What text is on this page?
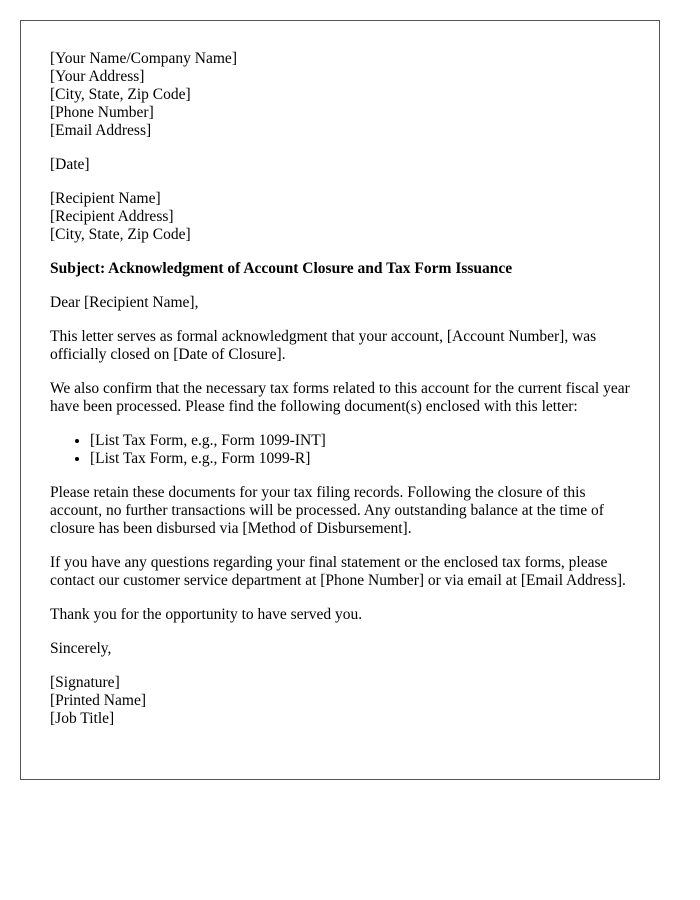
[Your Name/Company Name]
[Your Address]
[City, State, Zip Code]
[Phone Number]
[Email Address]
[Date]
[Recipient Name]
[Recipient Address]
[City, State, Zip Code]

Subject: Acknowledgment of Account Closure and Tax Form Issuance

Dear [Recipient Name],

This letter serves as formal acknowledgment that your account, [Account Number], was officially closed on [Date of Closure].

We also confirm that the necessary tax forms related to this account for the current fiscal year have been processed. Please find the following document(s) enclosed with this letter:

• [List Tax Form, e.g., Form 1099-INT]
• [List Tax Form, e.g., Form 1099-R]

Please retain these documents for your tax filing records. Following the closure of this account, no further transactions will be processed. Any outstanding balance at the time of closure has been disbursed via [Method of Disbursement].

If you have any questions regarding your final statement or the enclosed tax forms, please contact our customer service department at [Phone Number] or via email at [Email Address].

Thank you for the opportunity to have served you.

Sincerely,

[Signature]
[Printed Name]
[Job Title]
